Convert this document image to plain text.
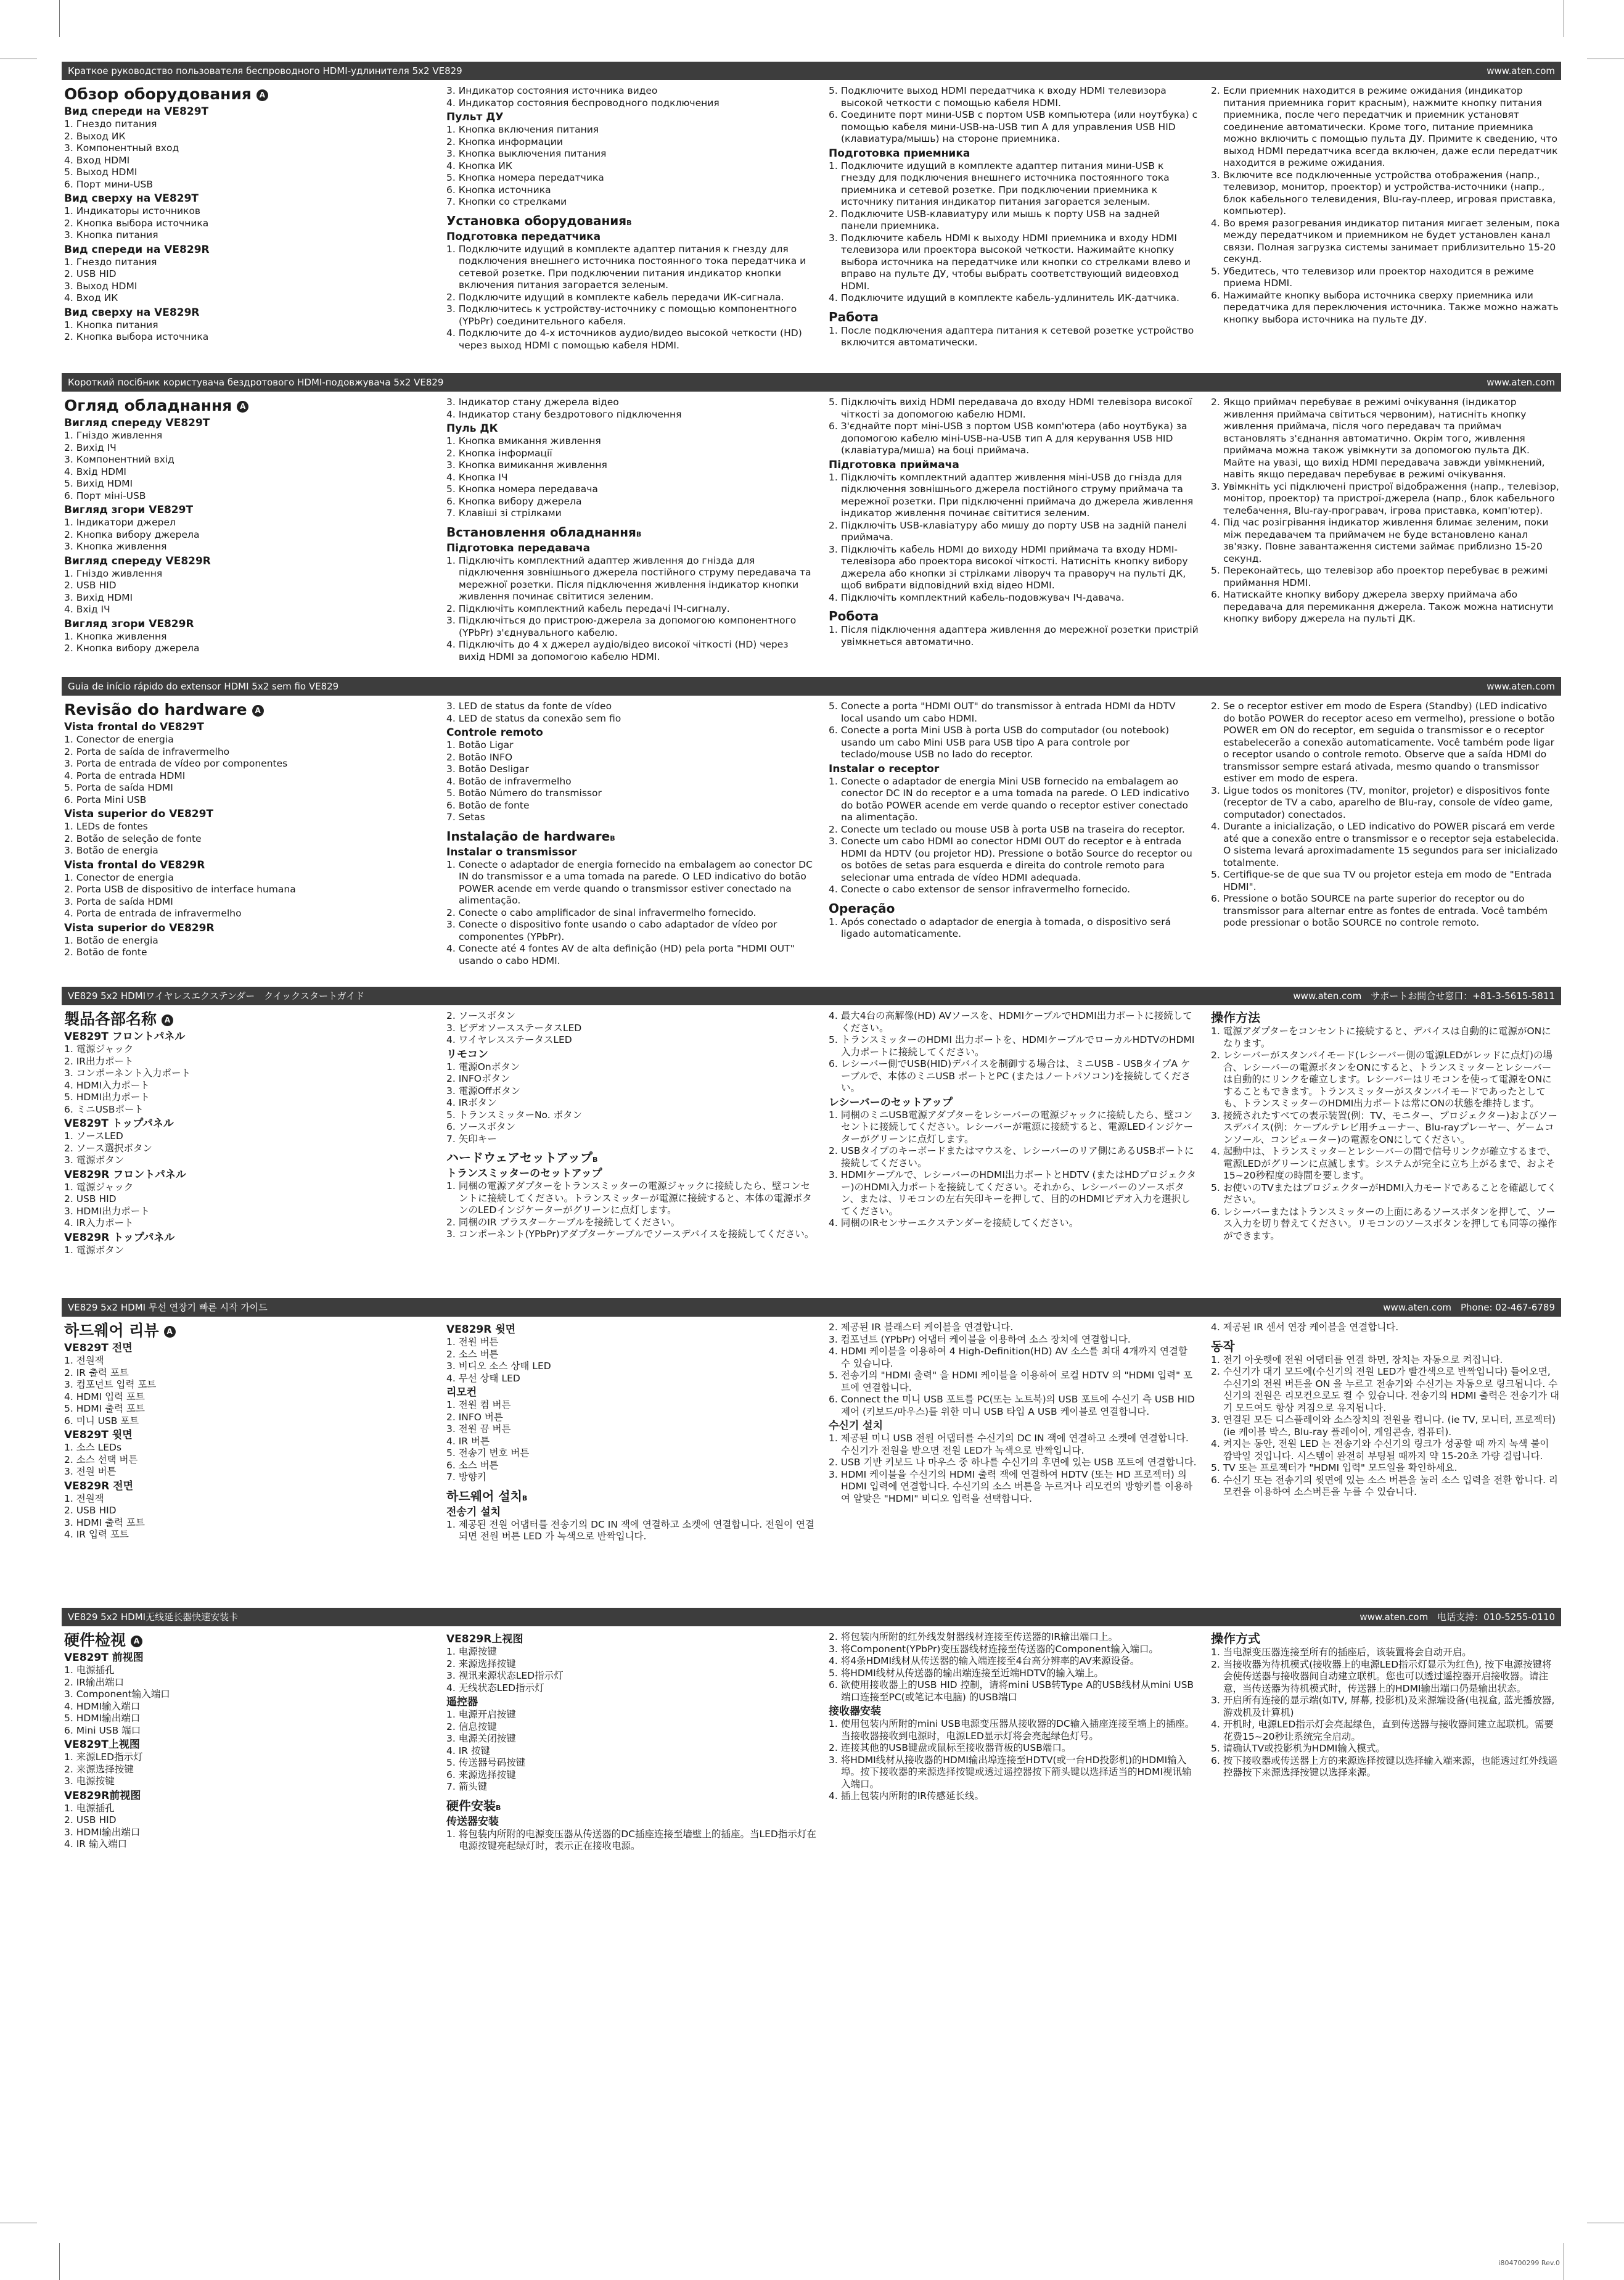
Краткое руководство пользователя беспроводного HDMI-удлинителя 5x2 VE829	www.aten.com
Обзор оборудования A
Вид спереди на VE829T
1. Гнездо питания
2. Выход ИК
3. Компонентный вход
4. Вход HDMI
5. Выход HDMI
6. Порт мини-USB
Вид сверху на VE829T
1. Индикаторы источников
2. Кнопка выбора источника
3. Кнопка питания
Вид спереди на VE829R
1. Гнездо питания
2. USB HID
3. Выход HDMI
4. Вход ИК
Вид сверху на VE829R
1. Кнопка питания
2. Кнопка выбора источника
3. Индикатор состояния источника видео
4. Индикатор состояния беспроводного подключения
Пульт ДУ
1. Кнопка включения питания
2. Кнопка информации
3. Кнопка выключения питания
4. Кнопка ИК
5. Кнопка номера передатчика
6. Кнопка источника
7. Кнопки со стрелками
Установка оборудованияB
Подготовка передатчика
1. Подключите идущий в комплекте адаптер питания к гнезду для подключения внешнего источника постоянного тока передатчика и сетевой розетке. При подключении питания индикатор кнопки включения питания загорается зеленым.
2. Подключите идущий в комплекте кабель передачи ИК-сигнала.
3. Подключитесь к устройству-источнику с помощью компонентного (YPbPr) соединительного кабеля.
4. Подключите до 4-х источников аудио/видео высокой четкости (HD) через выход HDMI с помощью кабеля HDMI.
5. Подключите выход HDMI передатчика к входу HDMI телевизора высокой четкости с помощью кабеля HDMI.
6. Соедините порт мини-USB с портом USB компьютера (или ноутбука) с помощью кабеля мини-USB-на-USB тип A для управления USB HID (клавиатура/мышь) на стороне приемника.
Подготовка приемника
1. Подключите идущий в комплекте адаптер питания мини-USB к гнезду для подключения внешнего источника постоянного тока приемника и сетевой розетке. При подключении приемника к источнику питания индикатор питания загорается зеленым.
2. Подключите USB-клавиатуру или мышь к порту USB на задней панели приемника.
3. Подключите кабель HDMI к выходу HDMI приемника и входу HDMI телевизора или проектора высокой четкости. Нажимайте кнопку выбора источника на передатчике или кнопки со стрелками влево и вправо на пульте ДУ, чтобы выбрать соответствующий видеовход HDMI.
4. Подключите идущий в комплекте кабель-удлинитель ИК-датчика.
Работа
1. После подключения адаптера питания к сетевой розетке устройство включится автоматически.
2. Если приемник находится в режиме ожидания (индикатор питания приемника горит красным), нажмите кнопку питания приемника, после чего передатчик и приемник установят соединение автоматически. Кроме того, питание приемника можно включить с помощью пульта ДУ. Примите к сведению, что выход HDMI передатчика всегда включен, даже если передатчик находится в режиме ожидания.
3. Включите все подключенные устройства отображения (напр., телевизор, монитор, проектор) и устройства-источники (напр., блок кабельного телевидения, Blu-ray-плеер, игровая приставка, компьютер).
4. Во время разогревания индикатор питания мигает зеленым, пока между передатчиком и приемником не будет установлен канал связи. Полная загрузка системы занимает приблизительно 15-20 секунд.
5. Убедитесь, что телевизор или проектор находится в режиме приема HDMI.
6. Нажимайте кнопку выбора источника сверху приемника или передатчика для переключения источника. Также можно нажать кнопку выбора источника на пульте ДУ.
Короткий посібник користувача бездротового HDMI-подовжувача 5x2 VE829	www.aten.com
Огляд обладнання A
Вигляд спереду VE829T
1. Гніздо живлення
2. Вихід ІЧ
3. Компонентний вхід
4. Вхід HDMI
5. Вихід HDMI
6. Порт міні-USB
Вигляд згори VE829T
1. Індикатори джерел
2. Кнопка вибору джерела
3. Кнопка живлення
Вигляд спереду VE829R
1. Гніздо живлення
2. USB HID
3. Вихід HDMI
4. Вхід ІЧ
Вигляд згори VE829R
1. Кнопка живлення
2. Кнопка вибору джерела
3. Індикатор стану джерела відео
4. Індикатор стану бездротового підключення
Пуль ДК
1. Кнопка вмикання живлення
2. Кнопка інформації
3. Кнопка вимикання живлення
4. Кнопка ІЧ
5. Кнопка номера передавача
6. Кнопка вибору джерела
7. Клавіші зі стрілками
Встановлення обладнанняB
Підготовка передавача
1. Підключіть комплектний адаптер живлення до гнізда для підключення зовнішнього джерела постійного струму передавача та мережної розетки. Після підключення живлення індикатор кнопки живлення починає світитися зеленим.
2. Підключіть комплектний кабель передачі ІЧ-сигналу.
3. Підключіться до пристрою-джерела за допомогою компонентного (YPbPr) з'єднувального кабелю.
4. Підключіть до 4 х джерел аудіо/відео високої чіткості (HD) через вихід HDMI за допомогою кабелю HDMI.
5. Підключіть вихід HDMI передавача до входу HDMI телевізора високої чіткості за допомогою кабелю HDMI.
6. З'єднайте порт міні-USB з портом USB комп'ютера (або ноутбука) за допомогою кабелю міні-USB-на-USB тип A для керування USB HID (клавіатура/миша) на боці приймача.
Підготовка приймача
1. Підключіть комплектний адаптер живлення міні-USB до гнізда для підключення зовнішнього джерела постійного струму приймача та мережної розетки. При підключенні приймача до джерела живлення індикатор живлення починає світитися зеленим.
2. Підключіть USB-клавіатуру або мишу до порту USB на задній панелі приймача.
3. Підключіть кабель HDMI до виходу HDMI приймача та входу HDMI-телевізора або проектора високої чіткості. Натисніть кнопку вибору джерела або кнопки зі стрілками ліворуч та праворуч на пульті ДК, щоб вибрати відповідний вхід відео HDMI.
4. Підключіть комплектний кабель-подовжувач ІЧ-давача.
Робота
1. Після підключення адаптера живлення до мережної розетки пристрій увімкнеться автоматично.
2. Якщо приймач перебуває в режимі очікування (індикатор живлення приймача світиться червоним), натисніть кнопку живлення приймача, після чого передавач та приймач встановлять з'єднання автоматично. Окрім того, живлення приймача можна також увімкнути за допомогою пульта ДК. Майте на увазі, що вихід HDMI передавача завжди увімкнений, навіть якщо передавач перебуває в режимі очікування.
3. Увімкніть усі підключені пристрої відображення (напр., телевізор, монітор, проектор) та пристрої-джерела (напр., блок кабельного телебачення, Blu-ray-програвач, ігрова приставка, комп'ютер).
4. Під час розігрівання індикатор живлення блимає зеленим, поки між передавачем та приймачем не буде встановлено канал зв'язку. Повне завантаження системи займає приблизно 15-20 секунд.
5. Переконайтесь, що телевізор або проектор перебуває в режимі приймання HDMI.
6. Натискайте кнопку вибору джерела зверху приймача або передавача для перемикання джерела. Також можна натиснути кнопку вибору джерела на пульті ДК.
Guia de início rápido do extensor HDMI 5x2 sem fio VE829	www.aten.com
Revisão do hardware A
Vista frontal do VE829T
1. Conector de energia
2. Porta de saída de infravermelho
3. Porta de entrada de vídeo por componentes
4. Porta de entrada HDMI
5. Porta de saída HDMI
6. Porta Mini USB
Vista superior do VE829T
1. LEDs de fontes
2. Botão de seleção de fonte
3. Botão de energia
Vista frontal do VE829R
1. Conector de energia
2. Porta USB de dispositivo de interface humana
3. Porta de saída HDMI
4. Porta de entrada de infravermelho
Vista superior do VE829R
1. Botão de energia
2. Botão de fonte
3. LED de status da fonte de vídeo
4. LED de status da conexão sem fio
Controle remoto
1. Botão Ligar
2. Botão INFO
3. Botão Desligar
4. Botão de infravermelho
5. Botão Número do transmissor
6. Botão de fonte
7. Setas
Instalação de hardwareB
Instalar o transmissor
1. Conecte o adaptador de energia fornecido na embalagem ao conector DC IN do transmissor e a uma tomada na parede. O LED indicativo do botão POWER acende em verde quando o transmissor estiver conectado na alimentação.
2. Conecte o cabo amplificador de sinal infravermelho fornecido.
3. Conecte o dispositivo fonte usando o cabo adaptador de vídeo por componentes (YPbPr).
4. Conecte até 4 fontes AV de alta definição (HD) pela porta "HDMI OUT" usando o cabo HDMI.
5. Conecte a porta "HDMI OUT" do transmissor à entrada HDMI da HDTV local usando um cabo HDMI.
6. Conecte a porta Mini USB à porta USB do computador (ou notebook) usando um cabo Mini USB para USB tipo A para controle por teclado/mouse USB no lado do receptor.
Instalar o receptor
1. Conecte o adaptador de energia Mini USB fornecido na embalagem ao conector DC IN do receptor e a uma tomada na parede. O LED indicativo do botão POWER acende em verde quando o receptor estiver conectado na alimentação.
2. Conecte um teclado ou mouse USB à porta USB na traseira do receptor.
3. Conecte um cabo HDMI ao conector HDMI OUT do receptor e à entrada HDMI da HDTV (ou projetor HD). Pressione o botão Source do receptor ou os botões de setas para esquerda e direita do controle remoto para selecionar uma entrada de vídeo HDMI adequada.
4. Conecte o cabo extensor de sensor infravermelho fornecido.
Operação
1. Após conectado o adaptador de energia à tomada, o dispositivo será ligado automaticamente.
2. Se o receptor estiver em modo de Espera (Standby) (LED indicativo do botão POWER do receptor aceso em vermelho), pressione o botão POWER em ON do receptor, em seguida o transmissor e o receptor estabelecerão a conexão automaticamente. Você também pode ligar o receptor usando o controle remoto. Observe que a saída HDMI do transmissor sempre estará ativada, mesmo quando o transmissor estiver em modo de espera.
3. Ligue todos os monitores (TV, monitor, projetor) e dispositivos fonte (receptor de TV a cabo, aparelho de Blu-ray, console de vídeo game, computador) conectados.
4. Durante a inicialização, o LED indicativo do POWER piscará em verde até que a conexão entre o transmissor e o receptor seja estabelecida. O sistema levará aproximadamente 15 segundos para ser inicializado totalmente.
5. Certifique-se de que sua TV ou projetor esteja em modo de "Entrada HDMI".
6. Pressione o botão SOURCE na parte superior do receptor ou do transmissor para alternar entre as fontes de entrada. Você também pode pressionar o botão SOURCE no controle remoto.
VE829 5x2 HDMIワイヤレスエクステンダー　クイックスタートガイド	www.aten.com　サポートお問合せ窓口：+81-3-5615-5811
製品各部名称 A
VE829T フロントパネル
1. 電源ジャック
2. IR出力ポート
3. コンポーネント入力ポート
4. HDMI入力ポート
5. HDMI出力ポート
6. ミニUSBポート
VE829T トップパネル
1. ソースLED
2. ソース選択ボタン
3. 電源ボタン
VE829R フロントパネル
1. 電源ジャック
2. USB HID
3. HDMI出力ポート
4. IR入力ポート
VE829R トップパネル
1. 電源ボタン
2. ソースボタン
3. ビデオソースステータスLED
4. ワイヤレスステータスLED
リモコン
1. 電源Onボタン
2. INFOボタン
3. 電源Offボタン
4. IRボタン
5. トランスミッターNo. ボタン
6. ソースボタン
7. 矢印キー
ハードウェアセットアップB
トランスミッターのセットアップ
1. 同梱の電源アダプターをトランスミッターの電源ジャックに接続したら、壁コンセントに接続してください。トランスミッターが電源に接続すると、本体の電源ボタンのLEDインジケーターがグリーンに点灯します。
2. 同梱のIR ブラスターケーブルを接続してください。
3. コンポーネント(YPbPr)アダプターケーブルでソースデバイスを接続してください。
4. 最大4台の高解像(HD) AVソースを、HDMIケーブルでHDMI出力ポートに接続してください。
5. トランスミッターのHDMI 出力ポートを、HDMIケーブルでローカルHDTVのHDMI入力ポートに接続してください。
6. レシーバー側でUSB(HID)デバイスを制御する場合は、ミニUSB - USBタイプA ケーブルで、本体のミニUSB ポートとPC (またはノートパソコン)を接続してください。
レシーバーのセットアップ
1. 同梱のミニUSB電源アダプターをレシーバーの電源ジャックに接続したら、壁コンセントに接続してください。レシーバーが電源に接続すると、電源LEDインジケーターがグリーンに点灯します。
2. USBタイプのキーボードまたはマウスを、レシーバーのリア側にあるUSBポートに接続してください。
3. HDMIケーブルで、レシーバーのHDMI出力ポートとHDTV (またはHDプロジェクター)のHDMI入力ポートを接続してください。それから、レシーバーのソースボタン、または、リモコンの左右矢印キーを押して、目的のHDMIビデオ入力を選択してください。
4. 同梱のIRセンサーエクステンダーを接続してください。
操作方法
1. 電源アダプターをコンセントに接続すると、デバイスは自動的に電源がONになります。
2. レシーバーがスタンバイモード(レシーバー側の電源LEDがレッドに点灯)の場合、レシーバーの電源ボタンをONにすると、トランスミッターとレシーバーは自動的にリンクを確立します。レシーバーはリモコンを使って電源をONにすることもできます。トランスミッターがスタンバイモードであったとしても、トランスミッターのHDMI出力ポートは常にONの状態を維持します。
3. 接続されたすべての表示装置(例：TV、モニター、プロジェクター)およびソースデバイス(例：ケーブルテレビ用チューナー、Blu-rayプレーヤー、ゲームコンソール、コンピューター)の電源をONにしてください。
4. 起動中は、トランスミッターとレシーバーの間で信号リンクが確立するまで、電源LEDがグリーンに点滅します。システムが完全に立ち上がるまで、およそ15~20秒程度の時間を要します。
5. お使いのTVまたはプロジェクターがHDMI入力モードであることを確認してください。
6. レシーバーまたはトランスミッターの上面にあるソースボタンを押して、ソース入力を切り替えてください。リモコンのソースボタンを押しても同等の操作ができます。
VE829 5x2 HDMI 무선 연장기 빠른 시작 가이드	www.aten.com　Phone: 02-467-6789
하드웨어 리뷰 A
VE829T 전면
1. 전원잭
2. IR 출력 포트
3. 컴포넌트 입력 포트
4. HDMI 입력 포트
5. HDMI 출력 포트
6. 미니 USB 포트
VE829T 윗면
1. 소스 LEDs
2. 소스 선택 버튼
3. 전원 버튼
VE829R 전면
1. 전원잭
2. USB HID
3. HDMI 출력 포트
4. IR 입력 포트
VE829R 윗면
1. 전원 버튼
2. 소스 버튼
3. 비디오 소스 상태 LED
4. 무선 상태 LED
리모컨
1. 전원 켬 버튼
2. INFO 버튼
3. 전원 끔 버튼
4. IR 버튼
5. 전송기 번호 버튼
6. 소스 버튼
7. 방향키
하드웨어 설치B
전송기 설치
1. 제공된 전원 어댑터를 전송기의 DC IN 잭에 연결하고 소켓에 연결합니다. 전원이 연결되면 전원 버튼 LED 가 녹색으로 반짝입니다.
2. 제공된 IR 블래스터 케이블을 연결합니다.
3. 컴포넌트 (YPbPr) 어댑터 케이블을 이용하여 소스 장치에 연결합니다.
4. HDMI 케이블을 이용하여 4 High-Definition(HD) AV 소스를 최대 4개까지 연결할 수 있습니다.
5. 전송기의 "HDMI 출력" 을 HDMI 케이블을 이용하여 로컬 HDTV 의 "HDMI 입력" 포트에 연결합니다.
6. Connect the 미니 USB 포트를 PC(또는 노트북)의 USB 포트에 수신기 측 USB HID 제어 (키보드/마우스)를 위한 미니 USB 타입 A USB 케이블로 연결합니다.
수신기 설치
1. 제공된 미니 USB 전원 어댑터를 수신기의 DC IN 잭에 연결하고 소켓에 연결합니다. 수신기가 전원을 받으면 전원 LED가 녹색으로 반짝입니다.
2. USB 기반 키보드 나 마우스 중 하나를 수신기의 후면에 있는 USB 포트에 연결합니다.
3. HDMI 케이블을 수신기의 HDMI 출력 잭에 연결하여 HDTV (또는 HD 프로젝터) 의 HDMI 입력에 연결합니다. 수신기의 소스 버튼을 누르거나 리모컨의 방향키를 이용하여 알맞은 "HDMI" 비디오 입력을 선택합니다.
4. 제공된 IR 센서 연장 케이블을 연결합니다.
동작
1. 전기 아웃렛에 전원 어댑터를 연결 하면, 장치는 자동으로 켜집니다.
2. 수신기가 대기 모드에(수신기의 전원 LED가 빨간색으로 반짝입니다) 들어오면, 수신기의 전원 버튼을 ON 을 누르고 전송기와 수신기는 자동으로 링크됩니다. 수신기의 전원은 리모컨으로도 켤 수 있습니다. 전송기의 HDMI 출력은 전송기가 대기 모드여도 항상 켜짐으로 유지됩니다.
3. 연결된 모든 디스플레이와 소스장치의 전원을 켭니다. (ie TV, 모니터, 프로젝터) (ie 케이블 박스, Blu-ray 플레이어, 게임콘솔, 컴퓨터).
4. 켜지는 동안, 전원 LED 는 전송기와 수신기의 링크가 성공할 때 까지 녹색 불이 깜박일 것입니다. 시스템이 완전히 부팅될 때까지 약 15-20초 가량 걸립니다.
5. TV 또는 프로젝터가 "HDMI 입력" 모드일을 확인하세요.
6. 수신기 또는 전송기의 윗면에 있는 소스 버튼을 눌러 소스 입력을 전환 합니다. 리모컨을 이용하여 소스버튼을 누를 수 있습니다.
VE829 5x2 HDMI无线延长器快速安装卡	www.aten.com　电话支持：010-5255-0110
硬件检视 A
VE829T 前视图
1. 电源插孔
2. IR输出端口
3. Component输入端口
4. HDMI输入端口
5. HDMI输出端口
6. Mini USB 端口
VE829T上视图
1. 来源LED指示灯
2. 来源选择按键
3. 电源按键
VE829R前视图
1. 电源插孔
2. USB HID
3. HDMI输出端口
4. IR 输入端口
VE829R上视图
1. 电源按键
2. 来源选择按键
3. 视讯来源状态LED指示灯
4. 无线状态LED指示灯
遥控器
1. 电源开启按键
2. 信息按键
3. 电源关闭按键
4. IR 按键
5. 传送器号码按键
6. 来源选择按键
7. 箭头键
硬件安装B
传送器安装
1. 将包装内所附的电源变压器从传送器的DC插座连接至墙壁上的插座。当LED指示灯在电源按键亮起绿灯时，表示正在接收电源。
2. 将包装内所附的红外线发射器线材连接至传送器的IR输出端口上。
3. 将Component(YPbPr)变压器线材连接至传送器的Component输入端口。
4. 将4条HDMI线材从传送器的输入端连接至4台高分辨率的AV来源设备。
5. 将HDMI线材从传送器的输出端连接至近端HDTV的输入端上。
6. 欲使用接收器上的USB HID 控制，请将mini USB转Type A的USB线材从mini USB端口连接至PC(或笔记本电脑) 的USB端口
接收器安装
1. 使用包装内所附的mini USB电源变压器从接收器的DC输入插座连接至墙上的插座。当接收器接收到电源时，电源LED显示灯将会亮起绿色灯号。
2. 连接其他的USB键盘或鼠标至接收器背板的USB端口。
3. 将HDMI线材从接收器的HDMI输出埠连接至HDTV(或一台HD投影机)的HDMI输入埠。按下接收器的来源选择按键或透过遥控器按下箭头键以选择适当的HDMI视讯输入端口。
4. 插上包装内所附的IR传感延长线。
操作方式
1. 当电源变压器连接至所有的插座后，该装置将会自动开启。
2. 当接收器为待机模式(接收器上的电源LED指示灯显示为红色), 按下电源按键将会使传送器与接收器间自动建立联机。您也可以透过遥控器开启接收器。请注意，当传送器为待机模式时，传送器上的HDMI输出端口仍是输出状态。
3. 开启所有连接的显示端(如TV, 屏幕, 投影机)及来源端设备(电视盒, 蓝光播放器, 游戏机及计算机)
4. 开机时, 电源LED指示灯会亮起绿色，直到传送器与接收器间建立起联机。需要花费15~20秒让系统完全启动。
5. 请确认TV或投影机为HDMI输入模式。
6. 按下接收器或传送器上方的来源选择按键以选择输入端来源，也能透过红外线遥控器按下来源选择按键以选择来源。
i804700299 Rev.0
